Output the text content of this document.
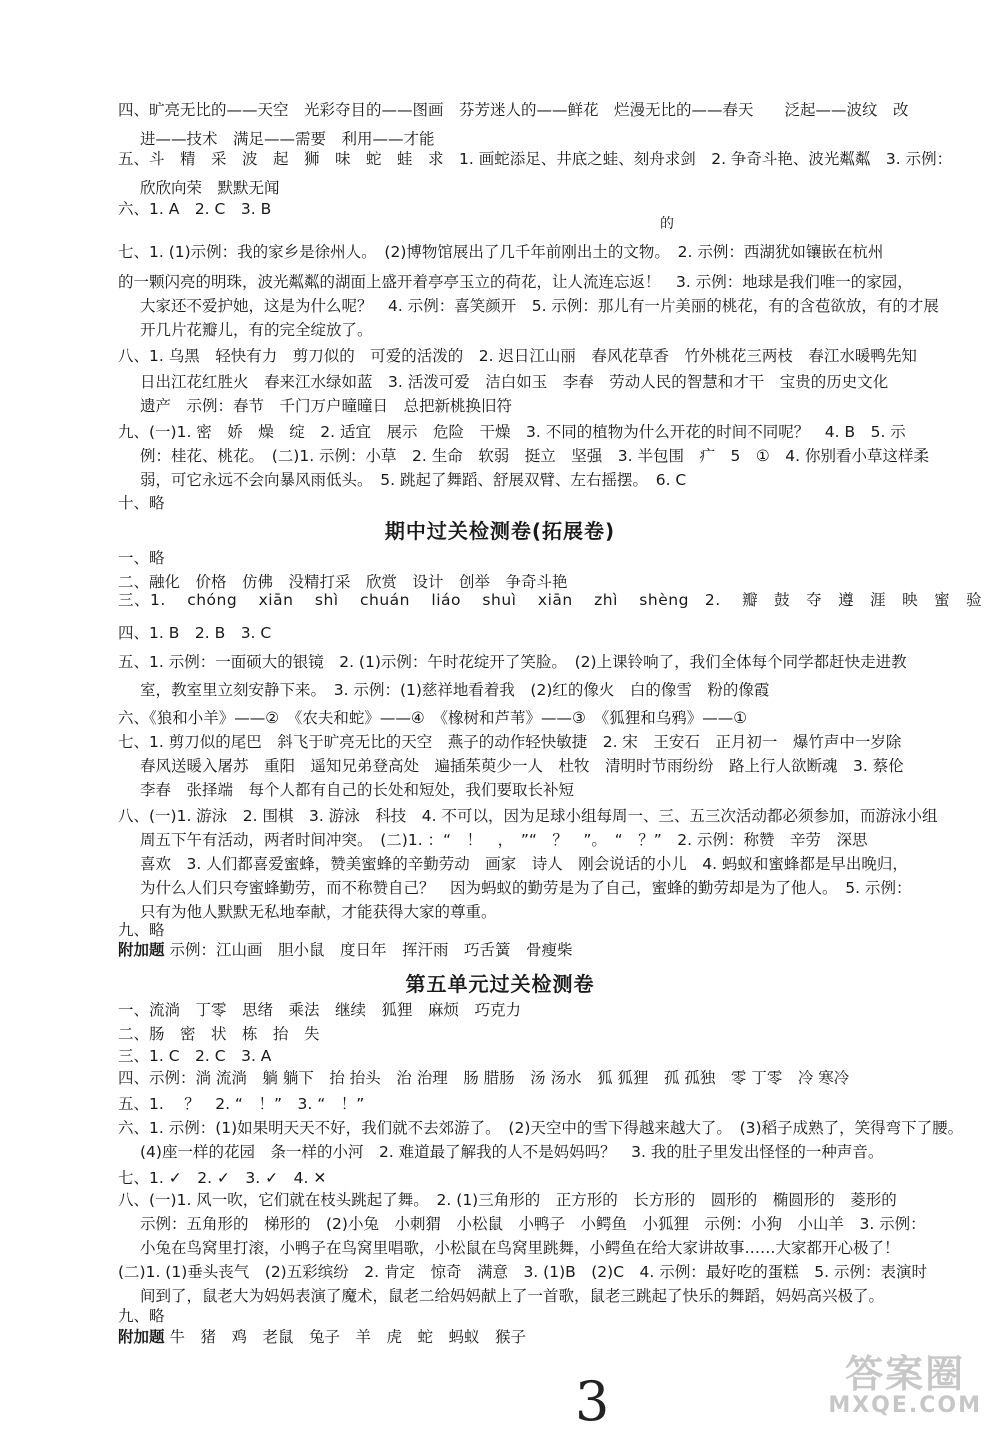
四、旷亮无比的——天空　光彩夺目的——图画　芬芳迷人的——鲜花　烂漫无比的——春天　　泛起——波纹　改
进——技术　满足——需要　利用——才能
五、斗　精　采　波　起　狮　味　蛇　蛙　求　1. 画蛇添足、井底之蛙、刻舟求剑　2. 争奇斗艳、波光粼粼　3. 示例：
欣欣向荣　默默无闻
六、1. A　2. C　3. B
七、1. (1)示例：我的家乡是徐州人。　(2)博物馆展出了几千年前刚出土的文物。　2. 示例：西湖犹如镶嵌在杭州
的一颗闪亮的明珠，波光粼粼的湖面上盛开着亭亭玉立的荷花，让人流连忘返！　3. 示例：地球是我们唯一的家园，
大家还不爱护她，这是为什么呢？　4. 示例：喜笑颜开　5. 示例：那儿有一片美丽的桃花，有的含苞欲放，有的才展
开几片花瓣儿，有的完全绽放了。
八、1. 乌黑　轻快有力　剪刀似的　可爱的活泼的　2. 迟日江山丽　春风花草香　竹外桃花三两枝　春江水暖鸭先知
日出江花红胜火　春来江水绿如蓝　3. 活泼可爱　洁白如玉　李春　劳动人民的智慧和才干　宝贵的历史文化
遗产　示例：春节　千门万户曈曈日　总把新桃换旧符
九、(一)1. 密　娇　燥　绽　2. 适宜　展示　危险　干燥　3. 不同的植物为什么开花的时间不同呢？　4. B　5. 示
例：桂花、桃花。　(二)1. 示例：小草　2. 生命　软弱　挺立　坚强　3. 半包围　疒　5　①　4. 你别看小草这样柔
弱，可它永远不会向暴风雨低头。　5. 跳起了舞蹈、舒展双臂、左右摇摆。　6. C
十、略
的
期中过关检测卷(拓展卷)
一、略
二、融化　价格　仿佛　没精打采　欣赏　设计　创举　争奇斗艳
三、1. chóng xiān shì chuán liáo shuì xiān zhì shèng　2. 瓣　鼓　夺　遵　涯　映　蜜　验
四、1. B　2. B　3. C
五、1. 示例：一面硕大的银镜　2. (1)示例：午时花绽开了笑脸。　(2)上课铃响了，我们全体每个同学都赶快走进教
室，教室里立刻安静下来。　3. 示例：(1)慈祥地看着我　(2)红的像火　白的像雪　粉的像霞
六、《狼和小羊》——②　《农夫和蛇》——④　《橡树和芦苇》——③　《狐狸和乌鸦》——①
七、1. 剪刀似的尾巴　斜飞于旷亮无比的天空　燕子的动作轻快敏捷　2. 宋　王安石　正月初一　爆竹声中一岁除
春风送暖入屠苏　重阳　遥知兄弟登高处　遍插茱萸少一人　杜牧　清明时节雨纷纷　路上行人欲断魂　3. 蔡伦
李春　张择端　每个人都有自己的长处和短处，我们要取长补短
八、(一)1. 游泳　2. 围棋　3. 游泳　科技　4. 不可以，因为足球小组每周一、三、五三次活动都必须参加，而游泳小组
周五下午有活动，两者时间冲突。　(二)1. ：“　！　，　”“　？　”。　“　？”　2. 示例：称赞　辛劳　深思
喜欢　3. 人们都喜爱蜜蜂，赞美蜜蜂的辛勤劳动　画家　诗人　刚会说话的小儿　4. 蚂蚁和蜜蜂都是早出晚归，
为什么人们只夸蜜蜂勤劳，而不称赞自己？　因为蚂蚁的勤劳是为了自己，蜜蜂的勤劳却是为了他人。　5. 示例：
只有为他人默默无私地奉献，才能获得大家的尊重。
九、略
附加题 示例：江山画　胆小鼠　度日年　挥汗雨　巧舌簧　骨瘦柴
第五单元过关检测卷
一、流淌　丁零　思绪　乘法　继续　狐狸　麻烦　巧克力
二、肠　密　状　栋　抬　失
三、1. C　2. C　3. A
四、示例：淌 流淌　躺 躺下　抬 抬头　治 治理　肠 腊肠　汤 汤水　狐 狐狸　孤 孤独　零 丁零　冷 寒冷
五、1. 　？　2. “　！”　3. “　！”
六、1. 示例：(1)如果明天天不好，我们就不去郊游了。　(2)天空中的雪下得越来越大了。　(3)稻子成熟了，笑得弯下了腰。
(4)座一样的花园　条一样的小河　2. 难道最了解我的人不是妈妈吗？　3. 我的肚子里发出怪怪的一种声音。
七、1. ✓　2. ✓　3. ✓　4. ✕
八、(一)1. 风一吹，它们就在枝头跳起了舞。　2. (1)三角形的　正方形的　长方形的　圆形的　椭圆形的　菱形的
示例：五角形的　梯形的　(2)小兔　小刺猬　小松鼠　小鸭子　小鳄鱼　小狐狸　示例：小狗　小山羊　3. 示例：
小兔在鸟窝里打滚，小鸭子在鸟窝里唱歌，小松鼠在鸟窝里跳舞，小鳄鱼在给大家讲故事……大家都开心极了！
(二)1. (1)垂头丧气　(2)五彩缤纷　2. 肯定　惊奇　满意　3. (1)B　(2)C　4. 示例：最好吃的蛋糕　5. 示例：表演时
间到了，鼠老大为妈妈表演了魔术，鼠老二给妈妈献上了一首歌，鼠老三跳起了快乐的舞蹈，妈妈高兴极了。
九、略
附加题 牛　猪　鸡　老鼠　兔子　羊　虎　蛇　蚂蚁　猴子
3	答案圈
MXQE.COM
